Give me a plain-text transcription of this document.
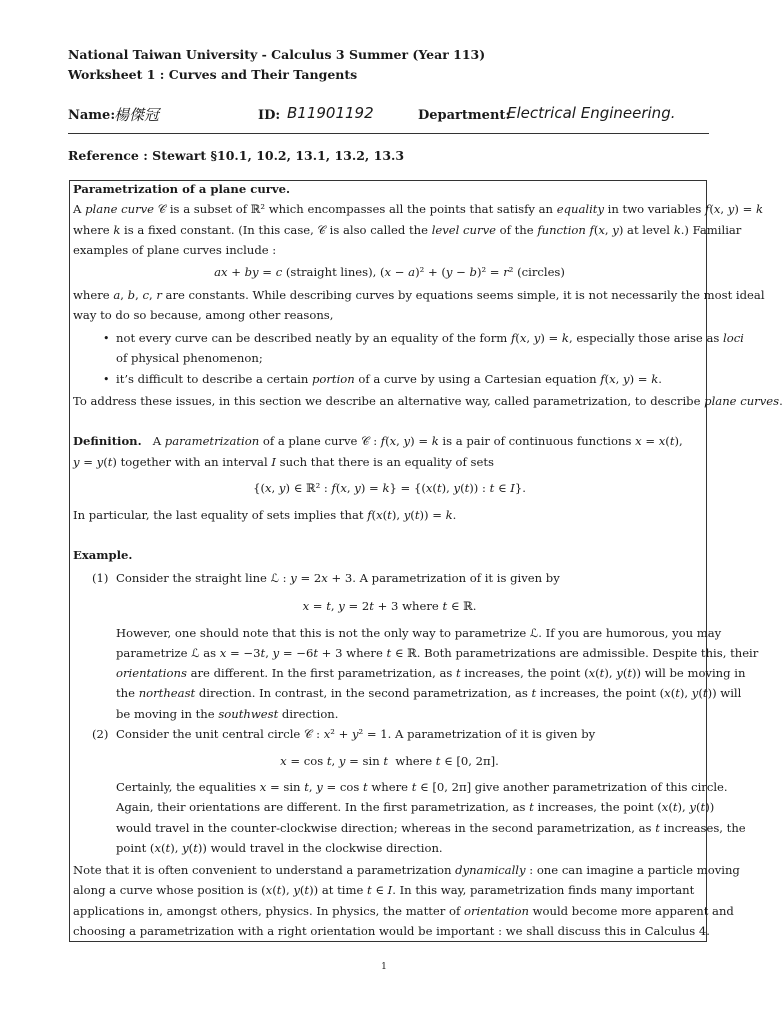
National Taiwan University - Calculus 3 Summer (Year 113)
Worksheet 1 : Curves and Their Tangents
Name:
楊傑冠	ID: B11901192	Department:
Electrical Engineering.
Reference : Stewart §10.1, 10.2, 13.1, 13.2, 13.3
Parametrization of a plane curve.
A plane curve 𝒞 is a subset of ℝ² which encompasses all the points that satisfy an equality in two variables f(x, y) = k
where k is a fixed constant. (In this case, 𝒞 is also called the level curve of the function f(x, y) at level k.) Familiar
examples of plane curves include :
ax + by = c (straight lines), (x − a)² + (y − b)² = r² (circles)
where a, b, c, r are constants. While describing curves by equations seems simple, it is not necessarily the most ideal
way to do so because, among other reasons,
• not every curve can be described neatly by an equality of the form f(x, y) = k, especially those arise as loci
of physical phenomenon;
• it’s difficult to describe a certain portion of a curve by using a Cartesian equation f(x, y) = k.
To address these issues, in this section we describe an alternative way, called parametrization, to describe plane curves.
Definition.   A parametrization of a plane curve 𝒞 : f(x, y) = k is a pair of continuous functions x = x(t),
y = y(t) together with an interval I such that there is an equality of sets
{(x, y) ∈ ℝ² : f(x, y) = k} = {(x(t), y(t)) : t ∈ I}.
In particular, the last equality of sets implies that f(x(t), y(t)) = k.
Example.
(1) Consider the straight line ℒ : y = 2x + 3. A parametrization of it is given by
x = t, y = 2t + 3 where t ∈ ℝ.
However, one should note that this is not the only way to parametrize ℒ. If you are humorous, you may
parametrize ℒ as x = −3t, y = −6t + 3 where t ∈ ℝ. Both parametrizations are admissible. Despite this, their
orientations are different. In the first parametrization, as t increases, the point (x(t), y(t)) will be moving in
the northeast direction. In contrast, in the second parametrization, as t increases, the point (x(t), y(t)) will
be moving in the southwest direction.
(2) Consider the unit central circle 𝒞 : x² + y² = 1. A parametrization of it is given by
x = cos t, y = sin t  where t ∈ [0, 2π].
Certainly, the equalities x = sin t, y = cos t where t ∈ [0, 2π] give another parametrization of this circle.
Again, their orientations are different. In the first parametrization, as t increases, the point (x(t), y(t))
would travel in the counter-clockwise direction; whereas in the second parametrization, as t increases, the
point (x(t), y(t)) would travel in the clockwise direction.
Note that it is often convenient to understand a parametrization dynamically : one can imagine a particle moving
along a curve whose position is (x(t), y(t)) at time t ∈ I. In this way, parametrization finds many important
applications in, amongst others, physics. In physics, the matter of orientation would become more apparent and
choosing a parametrization with a right orientation would be important : we shall discuss this in Calculus 4.
1
